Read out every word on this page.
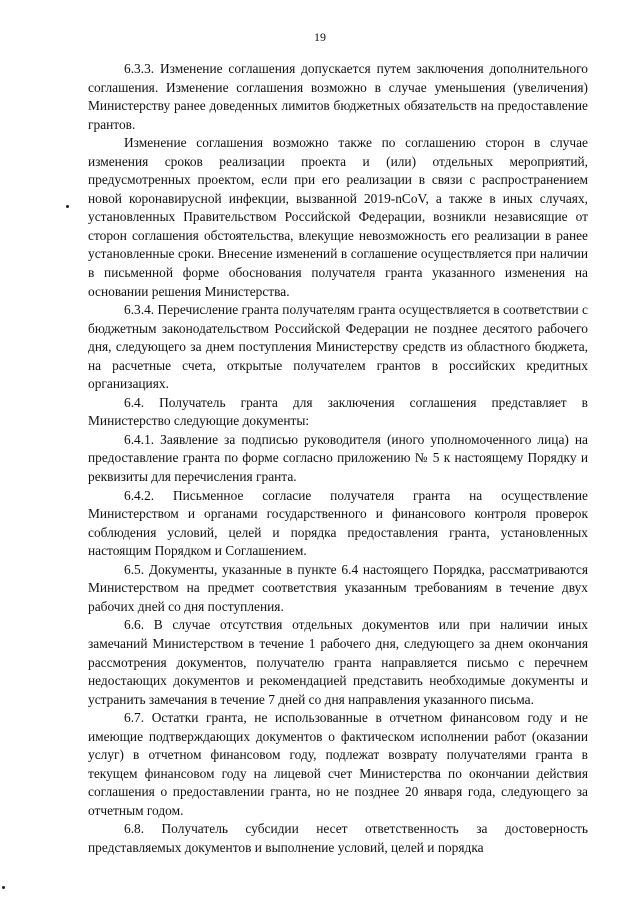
19

6.3.3. Изменение соглашения допускается путем заключения дополнительного соглашения. Изменение соглашения возможно в случае уменьшения (увеличения) Министерству ранее доведенных лимитов бюджетных обязательств на предоставление грантов.

Изменение соглашения возможно также по соглашению сторон в случае изменения сроков реализации проекта и (или) отдельных мероприятий, предусмотренных проектом, если при его реализации в связи с распространением новой коронавирусной инфекции, вызванной 2019-nCoV, а также в иных случаях, установленных Правительством Российской Федерации, возникли независящие от сторон соглашения обстоятельства, влекущие невозможность его реализации в ранее установленные сроки. Внесение изменений в соглашение осуществляется при наличии в письменной форме обоснования получателя гранта указанного изменения на основании решения Министерства.

6.3.4. Перечисление гранта получателям гранта осуществляется в соответствии с бюджетным законодательством Российской Федерации не позднее десятого рабочего дня, следующего за днем поступления Министерству средств из областного бюджета, на расчетные счета, открытые получателем грантов в российских кредитных организациях.

6.4. Получатель гранта для заключения соглашения представляет в Министерство следующие документы:

6.4.1. Заявление за подписью руководителя (иного уполномоченного лица) на предоставление гранта по форме согласно приложению № 5 к настоящему Порядку и реквизиты для перечисления гранта.

6.4.2. Письменное согласие получателя гранта на осуществление Министерством и органами государственного и финансового контроля проверок соблюдения условий, целей и порядка предоставления гранта, установленных настоящим Порядком и Соглашением.

6.5. Документы, указанные в пункте 6.4 настоящего Порядка, рассматриваются Министерством на предмет соответствия указанным требованиям в течение двух рабочих дней со дня поступления.

6.6. В случае отсутствия отдельных документов или при наличии иных замечаний Министерством в течение 1 рабочего дня, следующего за днем окончания рассмотрения документов, получателю гранта направляется письмо с перечнем недостающих документов и рекомендацией представить необходимые документы и устранить замечания в течение 7 дней со дня направления указанного письма.

6.7. Остатки гранта, не использованные в отчетном финансовом году и не имеющие подтверждающих документов о фактическом исполнении работ (оказании услуг) в отчетном финансовом году, подлежат возврату получателями гранта в текущем финансовом году на лицевой счет Министерства по окончании действия соглашения о предоставлении гранта, но не позднее 20 января года, следующего за отчетным годом.

6.8. Получатель субсидии несет ответственность за достоверность представляемых документов и выполнение условий, целей и порядка
